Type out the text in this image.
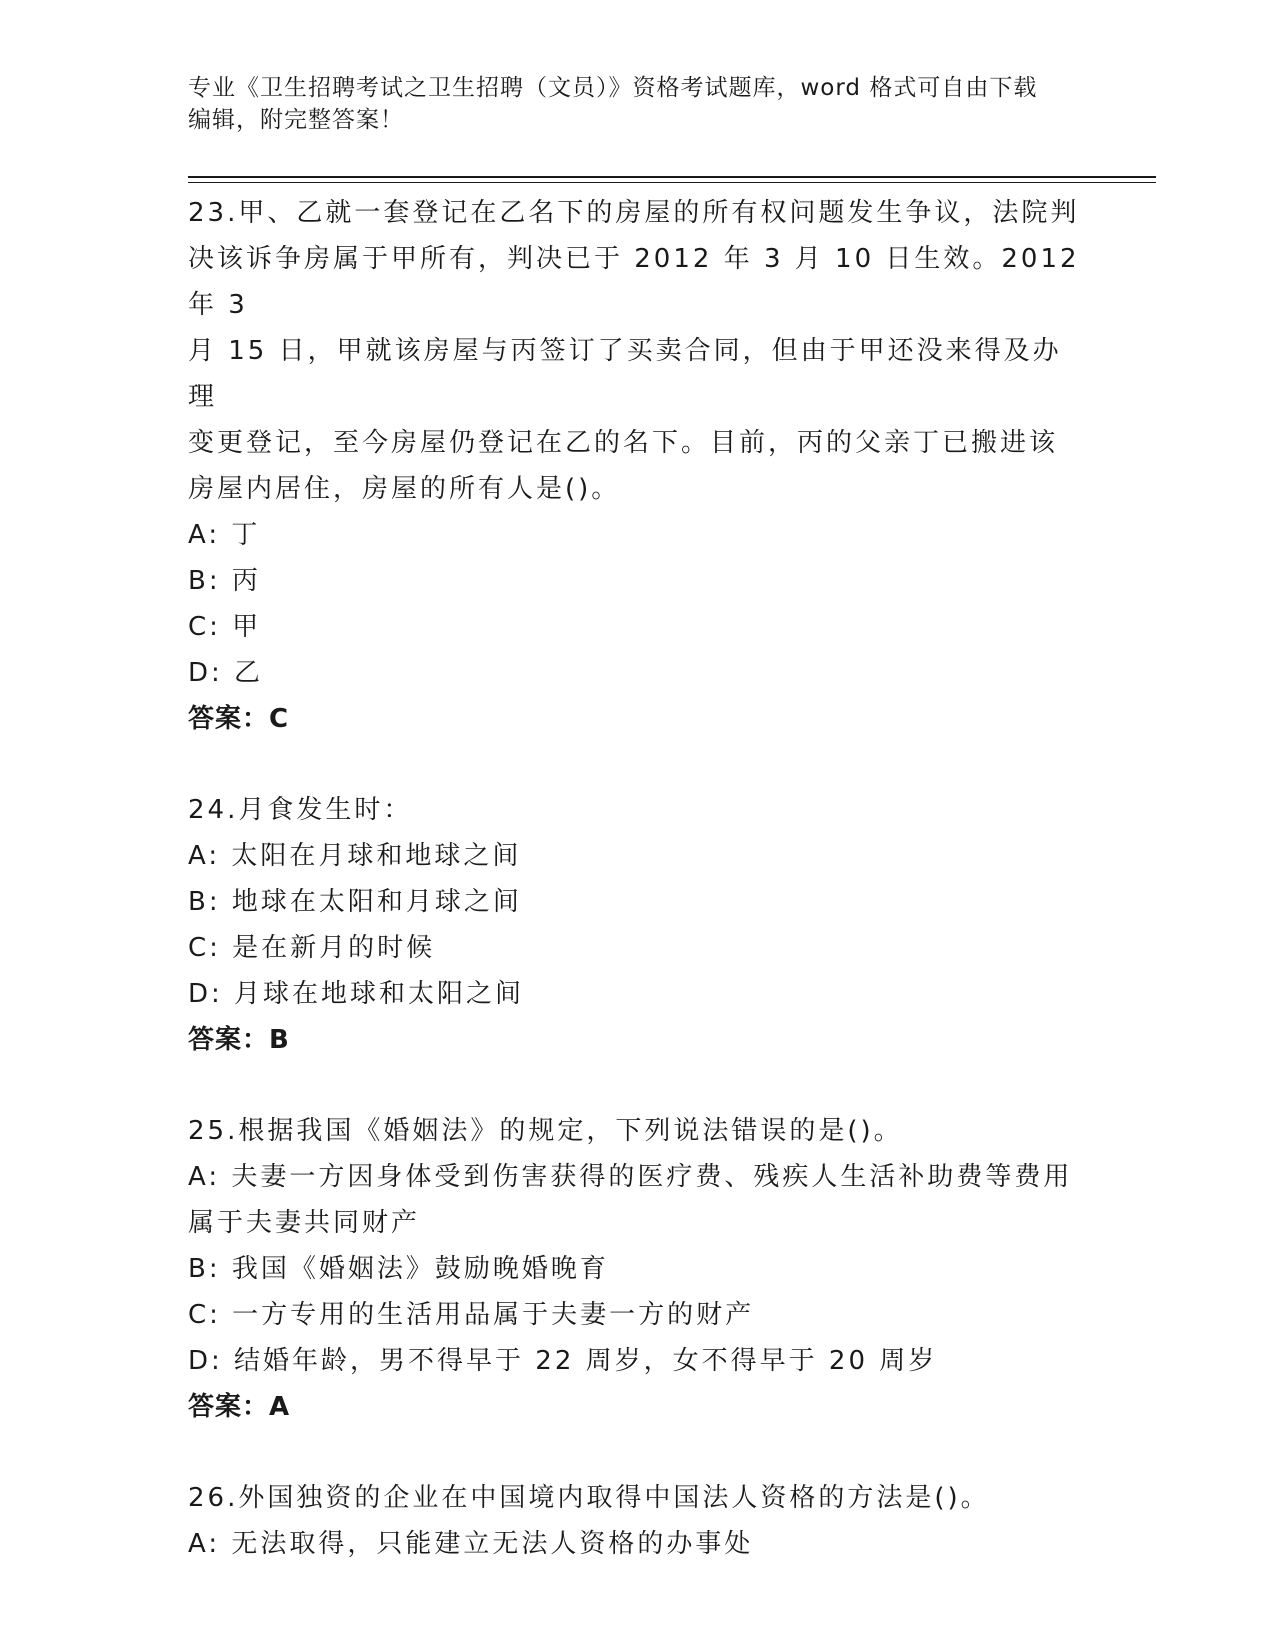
专业《卫生招聘考试之卫生招聘（文员）》资格考试题库，word 格式可自由下载
编辑，附完整答案！
23.甲、乙就一套登记在乙名下的房屋的所有权问题发生争议，法院判
决该诉争房属于甲所有，判决已于 2012 年 3 月 10 日生效。2012 年 3
月 15 日，甲就该房屋与丙签订了买卖合同，但由于甲还没来得及办理
变更登记，至今房屋仍登记在乙的名下。目前，丙的父亲丁已搬进该
房屋内居住，房屋的所有人是()。
A: 丁
B: 丙
C: 甲
D: 乙
答案：C
24.月食发生时：
A: 太阳在月球和地球之间
B: 地球在太阳和月球之间
C: 是在新月的时候
D: 月球在地球和太阳之间
答案：B
25.根据我国《婚姻法》的规定，下列说法错误的是()。
A: 夫妻一方因身体受到伤害获得的医疗费、残疾人生活补助费等费用
属于夫妻共同财产
B: 我国《婚姻法》鼓励晚婚晚育
C: 一方专用的生活用品属于夫妻一方的财产
D: 结婚年龄，男不得早于 22 周岁，女不得早于 20 周岁
答案：A
26.外国独资的企业在中国境内取得中国法人资格的方法是()。
A: 无法取得，只能建立无法人资格的办事处
